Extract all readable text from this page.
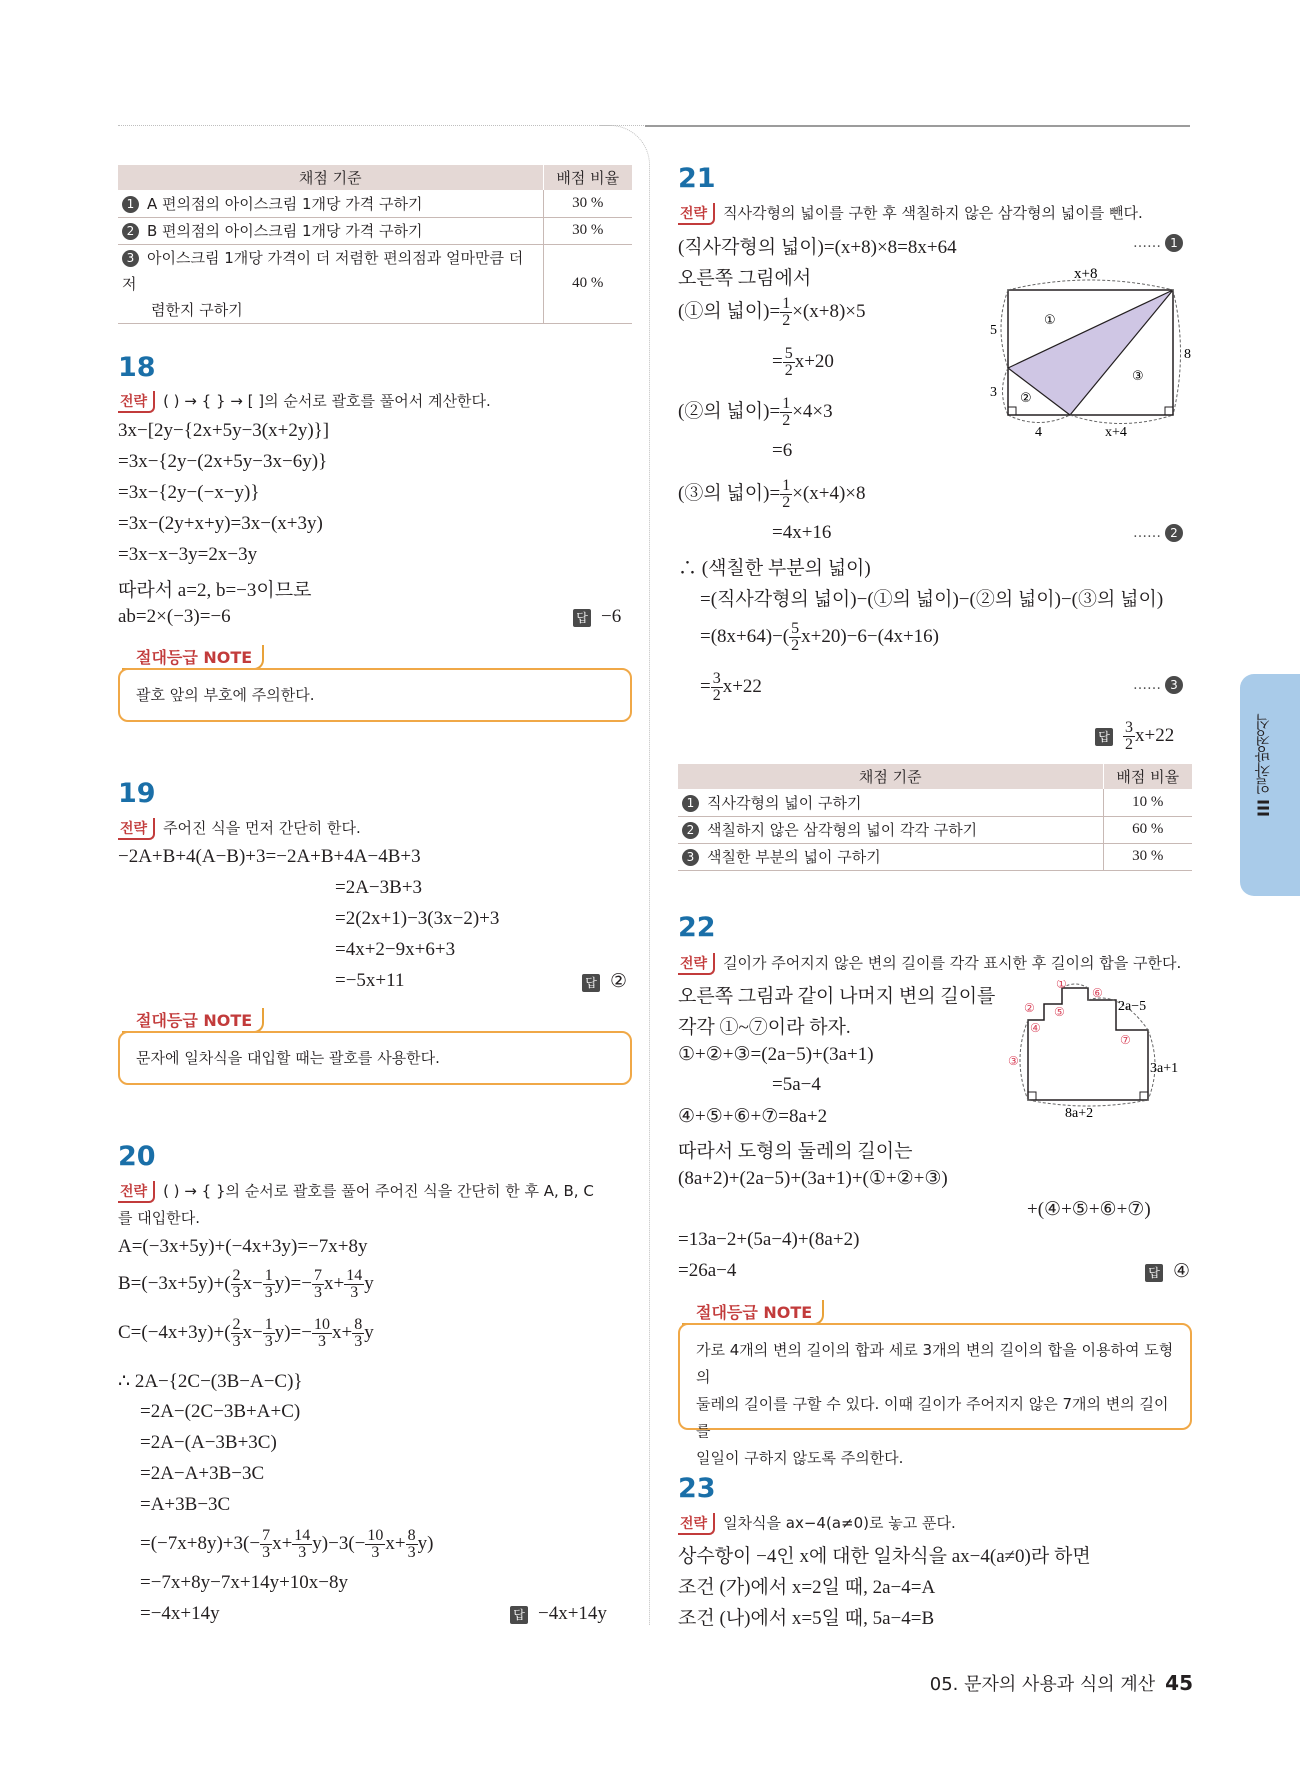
채점 기준	배점 비율
1 A 편의점의 아이스크림 1개당 가격 구하기	30 %
2 B 편의점의 아이스크림 1개당 가격 구하기	30 %
3 아이스크림 1개당 가격이 더 저렴한 편의점과 얼마만큼 더 저
렴한지 구하기	40 %
18
전략 ( ) → { } → [ ]의 순서로 괄호를 풀어서 계산한다.
3x−[2y−{2x+5y−3(x+2y)}]
=3x−{2y−(2x+5y−3x−6y)}
=3x−{2y−(−x−y)}
=3x−(2y+x+y)=3x−(x+3y)
=3x−x−3y=2x−3y
따라서 a=2, b=−3이므로
ab=2×(−3)=−6	답 −6
절대등급 NOTE
괄호 앞의 부호에 주의한다.
19
전략 주어진 식을 먼저 간단히 한다.
−2A+B+4(A−B)+3=−2A+B+4A−4B+3
=2A−3B+3
=2(2x+1)−3(3x−2)+3
=4x+2−9x+6+3
=−5x+11	답 ②
절대등급 NOTE
문자에 일차식을 대입할 때는 괄호를 사용한다.
20
전략 ( ) → { }의 순서로 괄호를 풀어 주어진 식을 간단히 한 후 A, B, C
를 대입한다.
A=(−3x+5y)+(−4x+3y)=−7x+8y
$B=(-3x+5y)+( \frac{2}{3} x- \frac{1}{3} y)=- \frac{7}{3} x+ \frac{14}{3}$ y
$C=(-4x+3y)+( \frac{2}{3} x- \frac{1}{3} y)=- \frac{10}{3} x+ \frac{8}{3}$ y
∴ 2A−{2C−(3B−A−C)}
=2A−(2C−3B+A+C)
=2A−(A−3B+3C)
=2A−A+3B−3C
=A+3B−3C
$=(-7x+8y)+3(- \frac{7}{3} x+ \frac{14}{3} y)-3(- \frac{10}{3} x+ \frac{8}{3} y)$
=−7x+8y−7x+14y+10x−8y
=−4x+14y	답 −4x+14y
21
전략 직사각형의 넓이를 구한 후 색칠하지 않은 삼각형의 넓이를 뺀다.
(직사각형의 넓이)=(x+8)×8=8x+64	…… 1
오른쪽 그림에서
(①의 넓이)= $\frac{1}{2} \times(x+8)\times 5$
= $\frac{5}{2} x+20$
(②의 넓이)= $\frac{1}{2} \times 4\times 3$
=6
(③의 넓이)= $\frac{1}{2} \times(x+4)\times 8$
=4x+16	…… 2
∴ (색칠한 부분의 넓이)
=(직사각형의 넓이)−(①의 넓이)−(②의 넓이)−(③의 넓이)
$=(8x+64)-( \frac{5}{2} x+20)-6-(4x+16)$
= $\frac{3}{2} x+22$	…… 3
답 $\frac{3}{2} x+22$
x+8
5
3
8
4	x+4
①
②
③
채점 기준	배점 비율
1 직사각형의 넓이 구하기	10 %
2 색칠하지 않은 삼각형의 넓이 각각 구하기	60 %
3 색칠한 부분의 넓이 구하기	30 %
22
전략 길이가 주어지지 않은 변의 길이를 각각 표시한 후 길이의 합을 구한다.
오른쪽 그림과 같이 나머지 변의 길이를
각각 ①~⑦이라 하자.
①+②+③=(2a−5)+(3a+1)
=5a−4
④+⑤+⑥+⑦=8a+2
따라서 도형의 둘레의 길이는
(8a+2)+(2a−5)+(3a+1)+(①+②+③)
+(④+⑤+⑥+⑦)
=13a−2+(5a−4)+(8a+2)
=26a−4	답 ④
2a−5
3a+1
8a+2
①
②
③
④
⑤
⑥
⑦
절대등급 NOTE
가로 4개의 변의 길이의 합과 세로 3개의 변의 길이의 합을 이용하여 도형의
둘레의 길이를 구할 수 있다. 이때 길이가 주어지지 않은 7개의 변의 길이를
일일이 구하지 않도록 주의한다.
23
전략 일차식을 ax−4(a≠0)로 놓고 푼다.
상수항이 −4인 x에 대한 일차식을 ax−4(a≠0)라 하면
조건 (가)에서 x=2일 때, 2a−4=A
조건 (나)에서 x=5일 때, 5a−4=B
III 일차방정식
05. 문자의 사용과 식의 계산 45
